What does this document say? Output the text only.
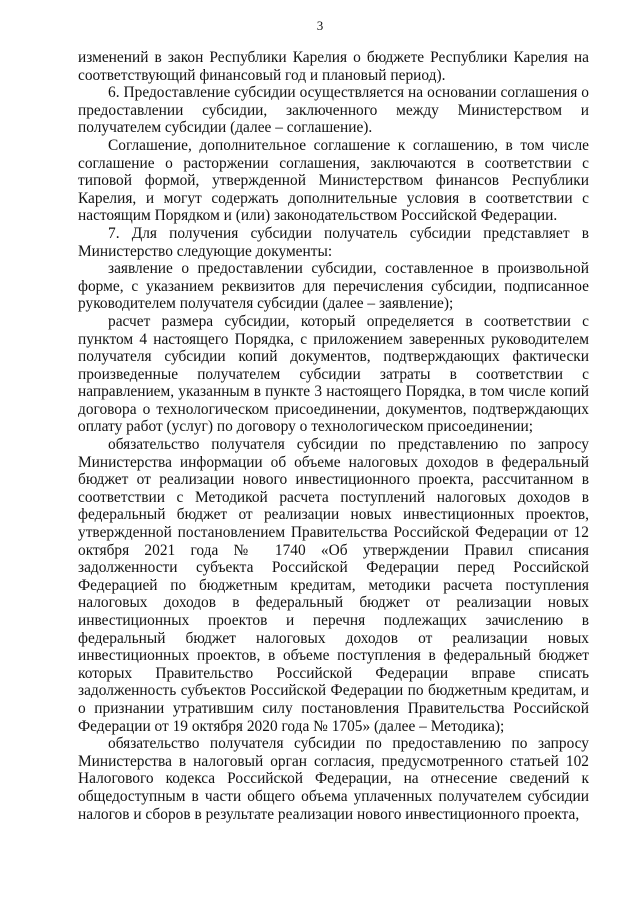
3

изменений в закон Республики Карелия о бюджете Республики Карелия на соответствующий финансовый год и плановый период).

6. Предоставление субсидии осуществляется на основании соглашения о предоставлении субсидии, заключенного между Министерством и получателем субсидии (далее – соглашение).

Соглашение, дополнительное соглашение к соглашению, в том числе соглашение о расторжении соглашения, заключаются в соответствии с типовой формой, утвержденной Министерством финансов Республики Карелия, и могут содержать дополнительные условия в соответствии с настоящим Порядком и (или) законодательством Российской Федерации.

7. Для получения субсидии получатель субсидии представляет в Министерство следующие документы:

заявление о предоставлении субсидии, составленное в произвольной форме, с указанием реквизитов для перечисления субсидии, подписанное руководителем получателя субсидии (далее – заявление);

расчет размера субсидии, который определяется в соответствии с пунктом 4 настоящего Порядка, с приложением заверенных руководителем получателя субсидии копий документов, подтверждающих фактически произведенные получателем субсидии затраты в соответствии с направлением, указанным в пункте 3 настоящего Порядка, в том числе копий договора о технологическом присоединении, документов, подтверждающих оплату работ (услуг) по договору о технологическом присоединении;

обязательство получателя субсидии по представлению по запросу Министерства информации об объеме налоговых доходов в федеральный бюджет от реализации нового инвестиционного проекта, рассчитанном в соответствии с Методикой расчета поступлений налоговых доходов в федеральный бюджет от реализации новых инвестиционных проектов, утвержденной постановлением Правительства Российской Федерации от 12 октября 2021 года № 1740 «Об утверждении Правил списания задолженности субъекта Российской Федерации перед Российской Федерацией по бюджетным кредитам, методики расчета поступления налоговых доходов в федеральный бюджет от реализации новых инвестиционных проектов и перечня подлежащих зачислению в федеральный бюджет налоговых доходов от реализации новых инвестиционных проектов, в объеме поступления в федеральный бюджет которых Правительство Российской Федерации вправе списать задолженность субъектов Российской Федерации по бюджетным кредитам, и о признании утратившим силу постановления Правительства Российской Федерации от 19 октября 2020 года № 1705» (далее – Методика);

обязательство получателя субсидии по предоставлению по запросу Министерства в налоговый орган согласия, предусмотренного статьей 102 Налогового кодекса Российской Федерации, на отнесение сведений к общедоступным в части общего объема уплаченных получателем субсидии налогов и сборов в результате реализации нового инвестиционного проекта,
